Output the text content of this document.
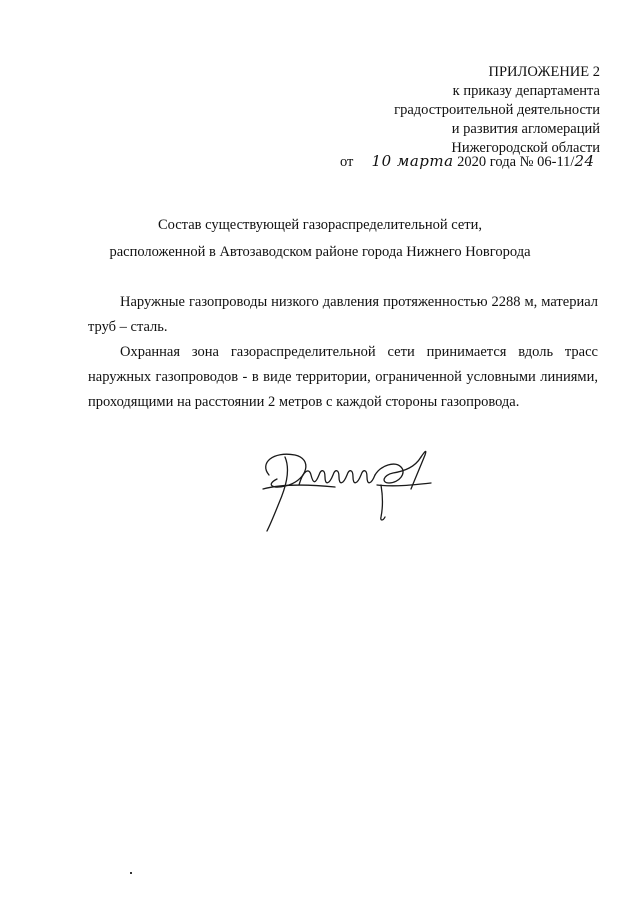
ПРИЛОЖЕНИЕ 2
к приказу департамента
градостроительной деятельности
и развития агломераций
Нижегородской области
от 10 марта 2020 года № 06-11/24
Состав существующей газораспределительной сети,
расположенной в Автозаводском районе города Нижнего Новгорода

Наружные газопроводы низкого давления протяженностью 2288 м, материал труб – сталь.

Охранная зона газораспределительной сети принимается вдоль трасс наружных газопроводов - в виде территории, ограниченной условными линиями, проходящими на расстоянии 2 метров с каждой стороны газопровода.
